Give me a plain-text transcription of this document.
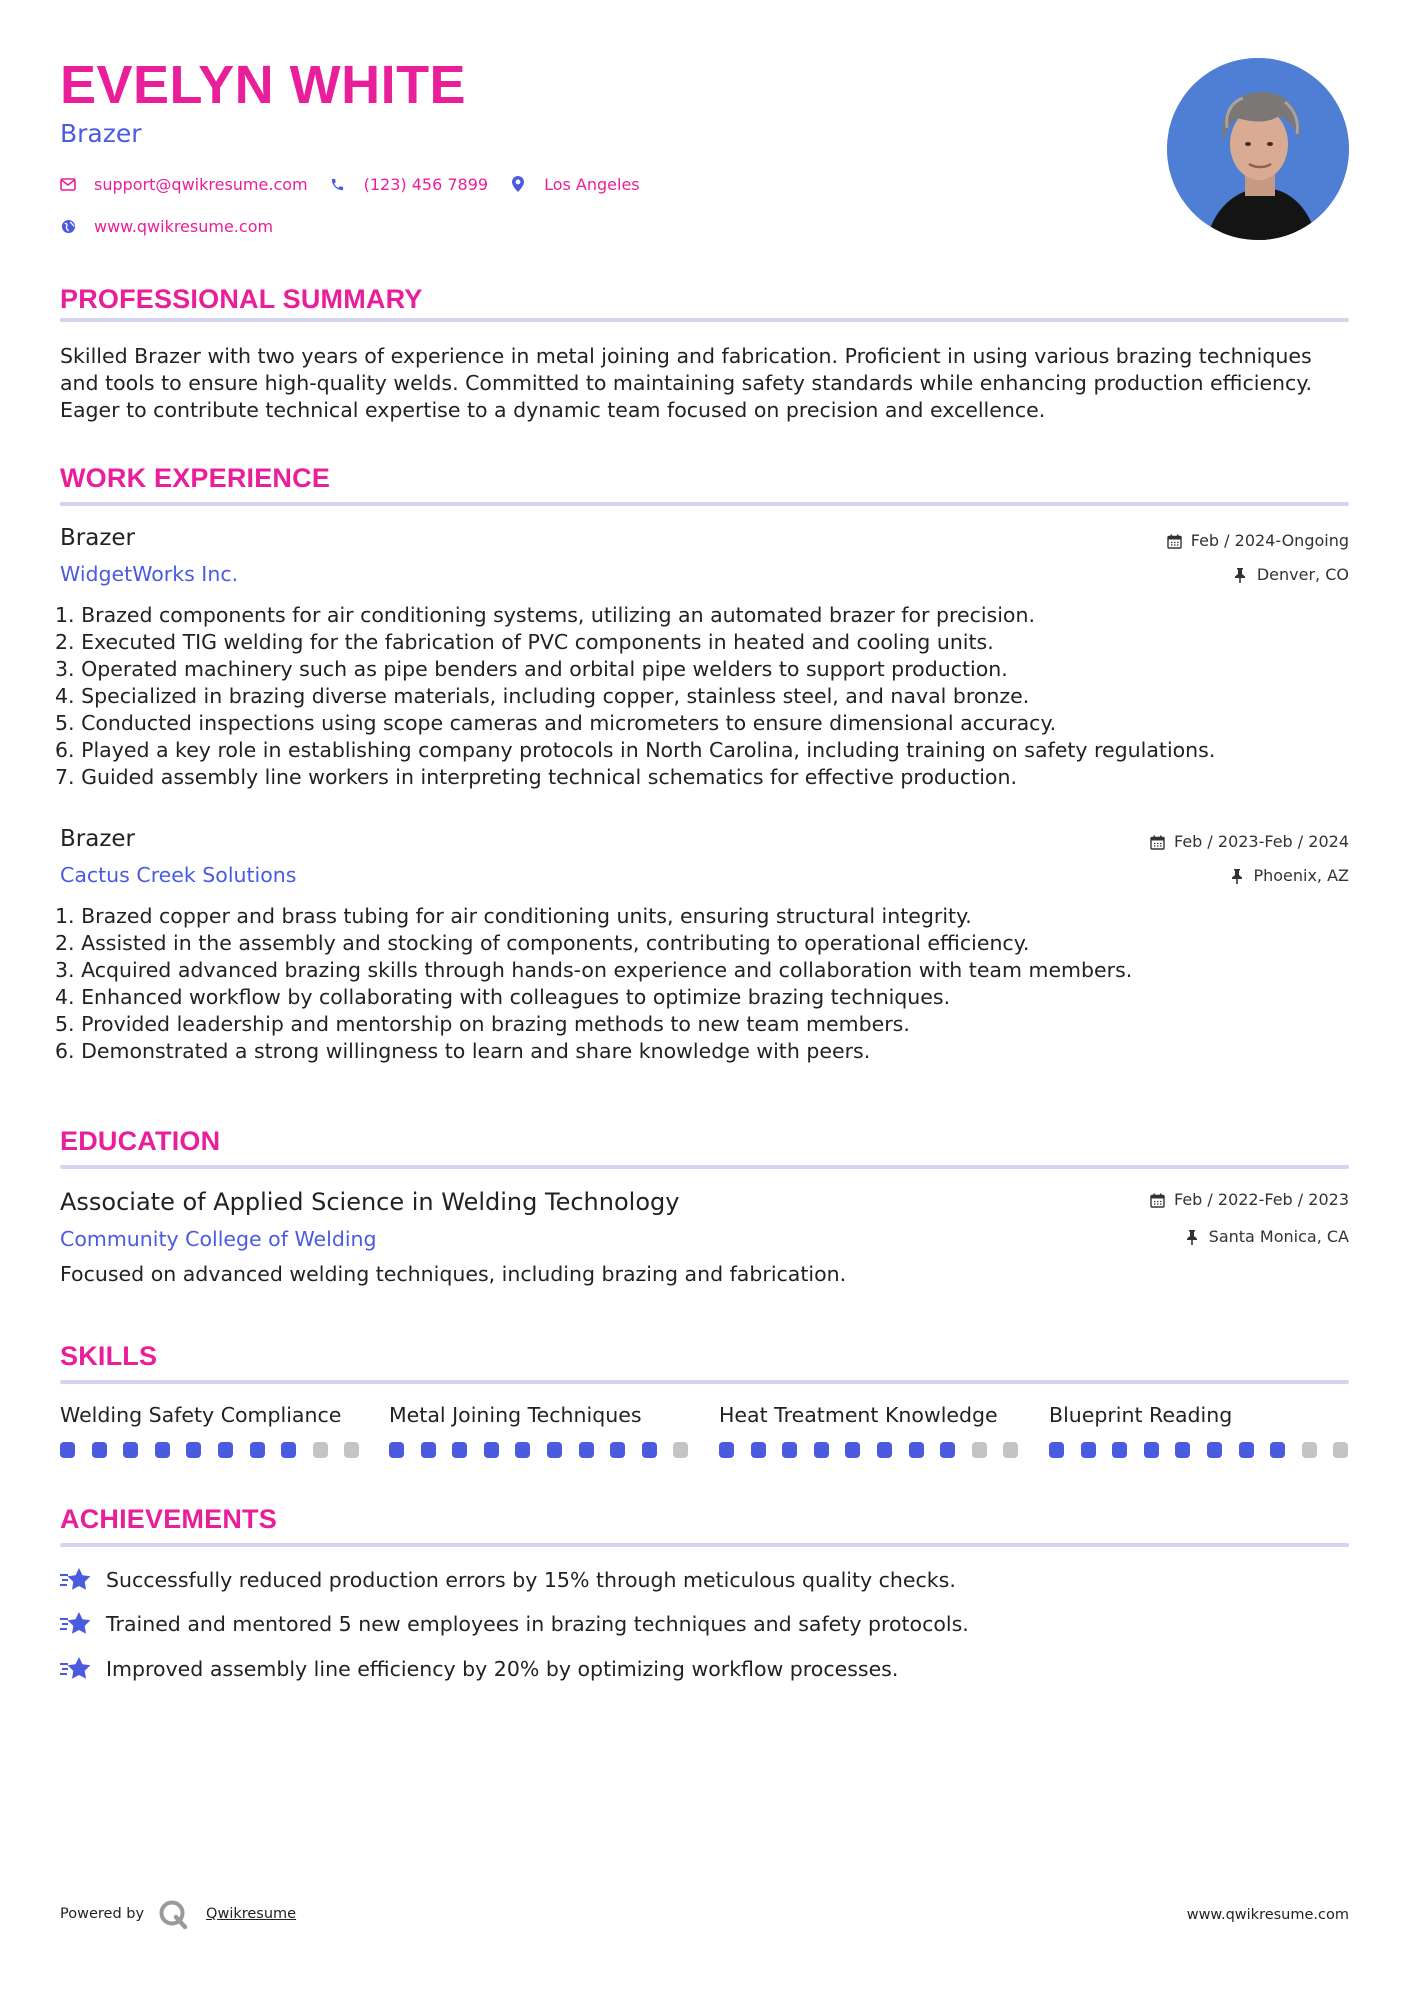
EVELYN WHITE
Brazer
support@qwikresume.com	(123) 456 7899	Los Angeles
www.qwikresume.com
PROFESSIONAL SUMMARY
Skilled Brazer with two years of experience in metal joining and fabrication. Proficient in using various brazing techniques
and tools to ensure high-quality welds. Committed to maintaining safety standards while enhancing production efficiency.
Eager to contribute technical expertise to a dynamic team focused on precision and excellence.
WORK EXPERIENCE
Brazer
WidgetWorks Inc.
Feb / 2024-Ongoing
Denver, CO
1. Brazed components for air conditioning systems, utilizing an automated brazer for precision.
2. Executed TIG welding for the fabrication of PVC components in heated and cooling units.
3. Operated machinery such as pipe benders and orbital pipe welders to support production.
4. Specialized in brazing diverse materials, including copper, stainless steel, and naval bronze.
5. Conducted inspections using scope cameras and micrometers to ensure dimensional accuracy.
6. Played a key role in establishing company protocols in North Carolina, including training on safety regulations.
7. Guided assembly line workers in interpreting technical schematics for effective production.
Brazer
Cactus Creek Solutions
Feb / 2023-Feb / 2024
Phoenix, AZ
1. Brazed copper and brass tubing for air conditioning units, ensuring structural integrity.
2. Assisted in the assembly and stocking of components, contributing to operational efficiency.
3. Acquired advanced brazing skills through hands-on experience and collaboration with team members.
4. Enhanced workflow by collaborating with colleagues to optimize brazing techniques.
5. Provided leadership and mentorship on brazing methods to new team members.
6. Demonstrated a strong willingness to learn and share knowledge with peers.
EDUCATION
Associate of Applied Science in Welding Technology
Community College of Welding
Feb / 2022-Feb / 2023
Santa Monica, CA
Focused on advanced welding techniques, including brazing and fabrication.
SKILLS
Welding Safety Compliance	Metal Joining Techniques	Heat Treatment Knowledge	Blueprint Reading
ACHIEVEMENTS
Successfully reduced production errors by 15% through meticulous quality checks.
Trained and mentored 5 new employees in brazing techniques and safety protocols.
Improved assembly line efficiency by 20% by optimizing workflow processes.
Powered by	Qwikresume	www.qwikresume.com
